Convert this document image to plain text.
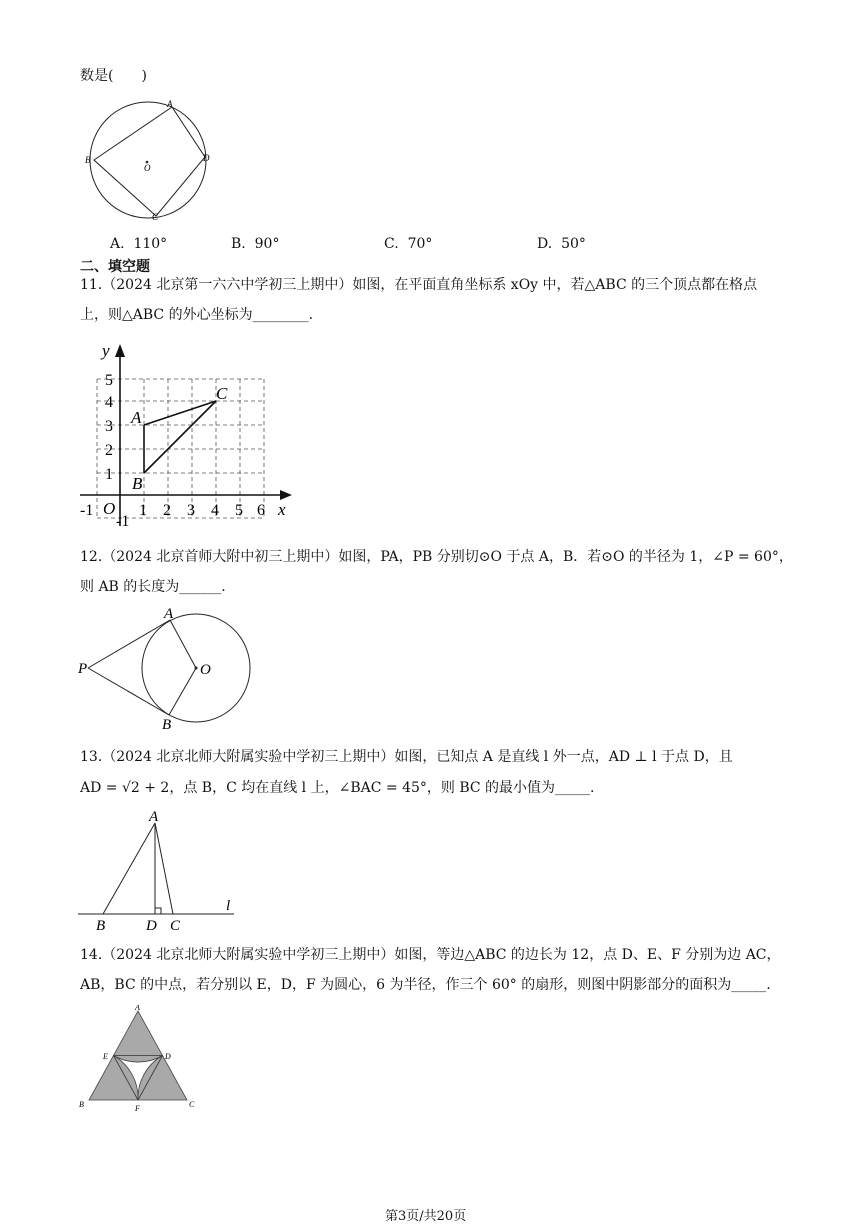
数是(　　)
A
B
C
D
O
A.  110°	B.  90°	C.  70°	D.  50°
二、填空题
11.（2024 北京第一六六中学初三上期中）如图，在平面直角坐标系 xOy 中，若△ABC 的三个顶点都在格点
上，则△ABC 的外心坐标为________.
y
x
O
C
A
B
-1	1 2 3 4 5 6
5
4
3
2
1
-1
12.（2024 北京首师大附中初三上期中）如图，PA，PB 分别切⊙O 于点 A，B．若⊙O 的半径为 1，∠P = 60°，
则 AB 的长度为______.
A
B
P	O
13.（2024 北京北师大附属实验中学初三上期中）如图，已知点 A 是直线 l 外一点，AD ⊥ l 于点 D，且
AD = √2 + 2，点 B，C 均在直线 l 上，∠BAC = 45°，则 BC 的最小值为_____.
A
B	D C
l
14.（2024 北京北师大附属实验中学初三上期中）如图，等边△ABC 的边长为 12，点 D、E、F 分别为边 AC，
AB，BC 的中点，若分别以 E，D，F 为圆心，6 为半径，作三个 60° 的扇形，则图中阴影部分的面积为_____.
A
E	D
B	F	C
第3页/共20页
